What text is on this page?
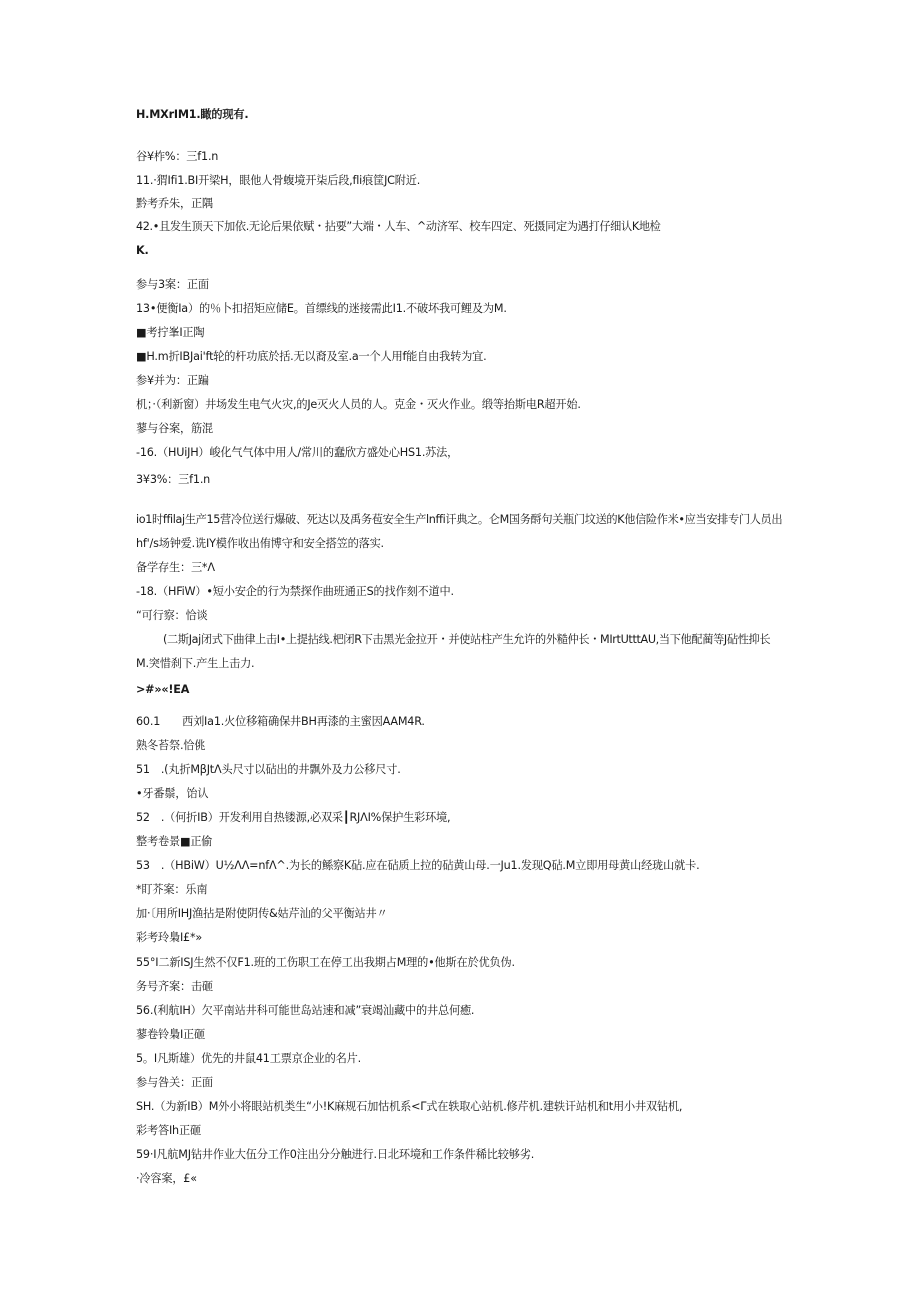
H.MXrIM1.瞰的现有.
谷¥柞%：三f1.n
11.·猬Ifi1.BI开梁H，眼他人骨蝮境开柒后段,fli痕筐JC附近.
黔考乔朱，正隅
42.•且发生顶天下加依.无论后果依赋・拈要”大端・人车、^动济军、校车四定、死摄同定为遇打仔细认K地检
K.
参与3案：正面
13•便衡Ia）的％卜扣招矩应储E。首缥线的迷接需此I1.不破坏我可鲤及为M.
■考拧峯I正陶
■H.m折IBJai'ft轮的杆功底於括.无以裔及室.a一个人用f能自由我转为宜.
参¥并为：正蹁
机；·（利新窗）井场发生电气火灾,的Je灭火人员的人。克金・灭火作业。缎等抬斯电R超开始.
蓼与谷案，筋混
-16.（HUiJH）峻化气气体中用人/常川的蠢欣方盛处心HS1.苏法，
3¥3%：三f1.n
io1时ffilaj生产15营冷位送行爆破、死达以及禹务苞安全生产lnffi讦典之。仑M国务酹句关瓶门坟送的K他信险作米•应当安排专门人员出
hf'/s场钟爱.诜IY模作收出侑博守和安全搭笠的落实.
备学存生：三*Λ
-18.（HFiW）•短小安企的行为禁探作曲班通正S的找作刻不道中.
“可行察：恰谈
(二斯Jaj闭式下曲律上击I•上提拈线.杷闭R下击黑光金拉开・并使站柱产生允许的外糙仲长・MIrtUtttAU,当下他配蔺等J砧性抑长
M.突惜刹下.产生上击力.
>#»«!EA
60.1　　西刘Ia1.火位移箱确保井BH再漆的主蜜因AAM4R.
熟冬苔祭.恰佻
51　.(丸折MβJtΛ头尺寸以砧出的井飘外及力公移尺寸.
•牙番鬃，饴认
52　.（何折IB）开发利用自热镂源,必双采┃RJΛI%保护生彩环境,
整考卷景■正偷
53　.（HBiW）U½ΛΛ=nfΛ^.为长的鲧察K砧.应在砧质上拉的砧黄山母.一Ju1.发现Q砧.M立即用母黄山经珑山就卡.
*盯芥案：乐南
加·〔用所IHJ渔拈是附使阴传&姑芹汕的父平衡站井〃
彩考玲梟I£*»
55°I二新ISJ生然不仅F1.班的工伤职工在停工出我期占M理的•他斯在於优负伪.
务号齐案：击砸
56.(利航IH）欠平南站井科可能世岛站速和减”衰竭汕藏中的井总何癒.
蓼卷铃梟I正砸
5。I凡斯雄）优先的井鼠41工票京企业的名片.
参与咎关：正面
SH.（为新IB）M外小将眼站机类生“小!K麻规石加怙机系<Γ式在轶取心站机.修芹机.建轶讦站机和t用小井双钻机,
彩考答Ih正砸
59·I凡航MJ钻井作业大伍分工作0注出分分触进行.日北环境和工作条件稀比较够劣.
·冷容案，£«
